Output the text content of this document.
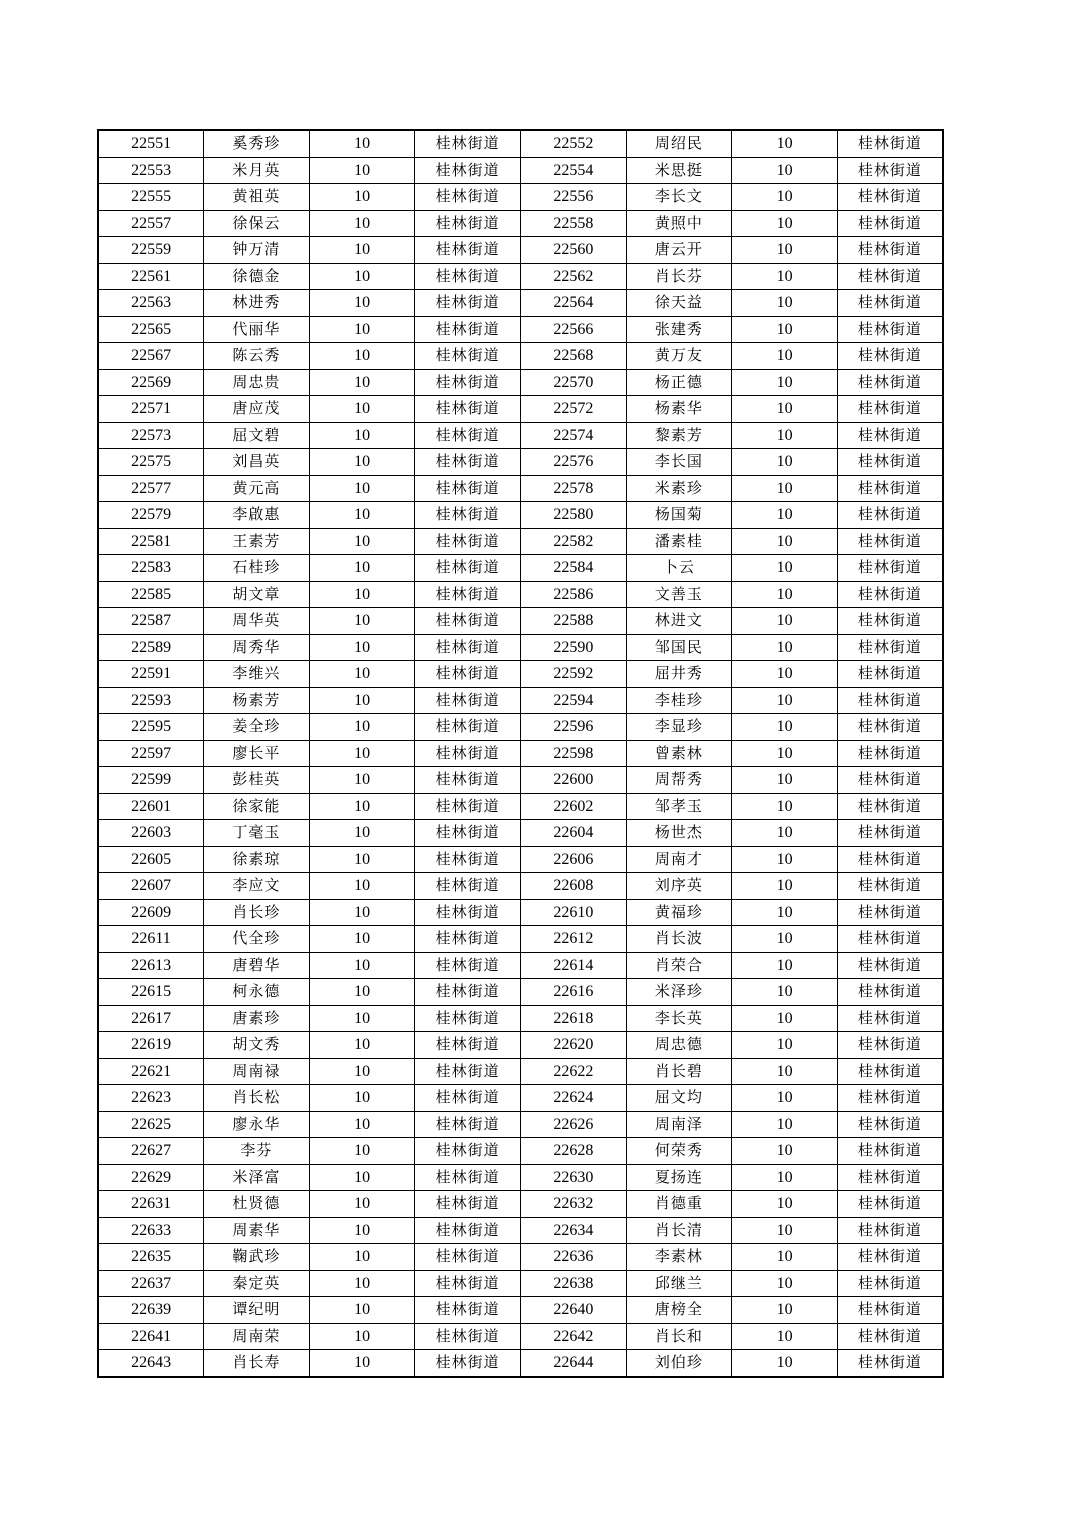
22551	奚秀珍	10	桂林街道	22552	周绍民	10	桂林街道
22553	米月英	10	桂林街道	22554	米思挺	10	桂林街道
22555	黄祖英	10	桂林街道	22556	李长文	10	桂林街道
22557	徐保云	10	桂林街道	22558	黄照中	10	桂林街道
22559	钟万清	10	桂林街道	22560	唐云开	10	桂林街道
22561	徐德金	10	桂林街道	22562	肖长芬	10	桂林街道
22563	林进秀	10	桂林街道	22564	徐天益	10	桂林街道
22565	代丽华	10	桂林街道	22566	张建秀	10	桂林街道
22567	陈云秀	10	桂林街道	22568	黄万友	10	桂林街道
22569	周忠贵	10	桂林街道	22570	杨正德	10	桂林街道
22571	唐应茂	10	桂林街道	22572	杨素华	10	桂林街道
22573	屈文碧	10	桂林街道	22574	黎素芳	10	桂林街道
22575	刘昌英	10	桂林街道	22576	李长国	10	桂林街道
22577	黄元高	10	桂林街道	22578	米素珍	10	桂林街道
22579	李啟惠	10	桂林街道	22580	杨国菊	10	桂林街道
22581	王素芳	10	桂林街道	22582	潘素桂	10	桂林街道
22583	石桂珍	10	桂林街道	22584	卜云	10	桂林街道
22585	胡文章	10	桂林街道	22586	文善玉	10	桂林街道
22587	周华英	10	桂林街道	22588	林进文	10	桂林街道
22589	周秀华	10	桂林街道	22590	邹国民	10	桂林街道
22591	李维兴	10	桂林街道	22592	屈井秀	10	桂林街道
22593	杨素芳	10	桂林街道	22594	李桂珍	10	桂林街道
22595	姜全珍	10	桂林街道	22596	李显珍	10	桂林街道
22597	廖长平	10	桂林街道	22598	曾素林	10	桂林街道
22599	彭桂英	10	桂林街道	22600	周帮秀	10	桂林街道
22601	徐家能	10	桂林街道	22602	邹孝玉	10	桂林街道
22603	丁毫玉	10	桂林街道	22604	杨世杰	10	桂林街道
22605	徐素琼	10	桂林街道	22606	周南才	10	桂林街道
22607	李应文	10	桂林街道	22608	刘序英	10	桂林街道
22609	肖长珍	10	桂林街道	22610	黄福珍	10	桂林街道
22611	代全珍	10	桂林街道	22612	肖长波	10	桂林街道
22613	唐碧华	10	桂林街道	22614	肖荣合	10	桂林街道
22615	柯永德	10	桂林街道	22616	米泽珍	10	桂林街道
22617	唐素珍	10	桂林街道	22618	李长英	10	桂林街道
22619	胡文秀	10	桂林街道	22620	周忠德	10	桂林街道
22621	周南禄	10	桂林街道	22622	肖长碧	10	桂林街道
22623	肖长松	10	桂林街道	22624	屈文均	10	桂林街道
22625	廖永华	10	桂林街道	22626	周南泽	10	桂林街道
22627	李芬	10	桂林街道	22628	何荣秀	10	桂林街道
22629	米泽富	10	桂林街道	22630	夏扬连	10	桂林街道
22631	杜贤德	10	桂林街道	22632	肖德重	10	桂林街道
22633	周素华	10	桂林街道	22634	肖长清	10	桂林街道
22635	鞠武珍	10	桂林街道	22636	李素林	10	桂林街道
22637	秦定英	10	桂林街道	22638	邱继兰	10	桂林街道
22639	谭纪明	10	桂林街道	22640	唐榜全	10	桂林街道
22641	周南荣	10	桂林街道	22642	肖长和	10	桂林街道
22643	肖长寿	10	桂林街道	22644	刘伯珍	10	桂林街道
